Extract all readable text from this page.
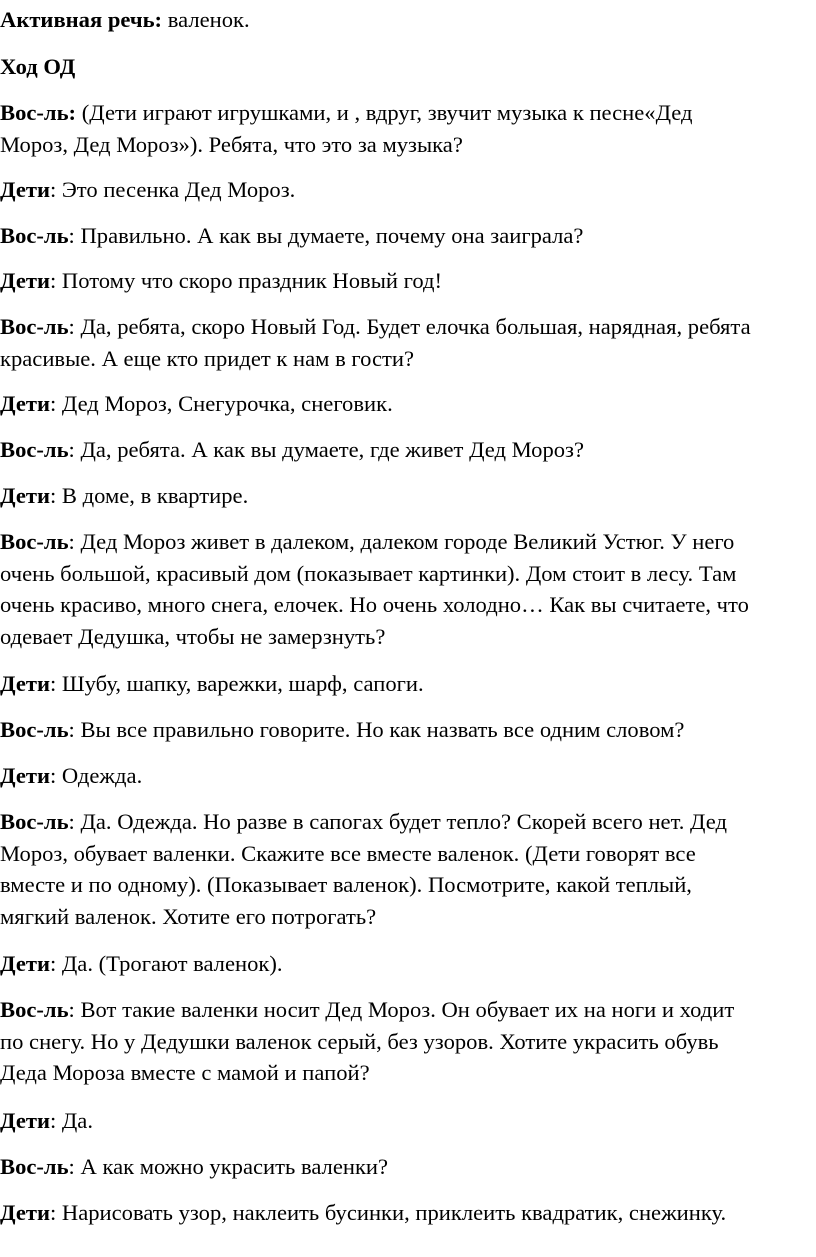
Активная речь: валенок.
Ход ОД
Вос-ль: (Дети играют игрушками, и , вдруг, звучит музыка к песне«Дед
Мороз, Дед Мороз»). Ребята, что это за музыка?
Дети: Это песенка Дед Мороз.
Вос-ль: Правильно. А как вы думаете, почему она заиграла?
Дети: Потому что скоро праздник Новый год!
Вос-ль: Да, ребята, скоро Новый Год. Будет елочка большая, нарядная, ребята
красивые. А еще кто придет к нам в гости?
Дети: Дед Мороз, Снегурочка, снеговик.
Вос-ль: Да, ребята. А как вы думаете, где живет Дед Мороз?
Дети: В доме, в квартире.
Вос-ль: Дед Мороз живет в далеком, далеком городе Великий Устюг. У него
очень большой, красивый дом (показывает картинки). Дом стоит в лесу. Там
очень красиво, много снега, елочек. Но очень холодно… Как вы считаете, что
одевает Дедушка, чтобы не замерзнуть?
Дети: Шубу, шапку, варежки, шарф, сапоги.
Вос-ль: Вы все правильно говорите. Но как назвать все одним словом?
Дети: Одежда.
Вос-ль: Да. Одежда. Но разве в сапогах будет тепло? Скорей всего нет. Дед
Мороз, обувает валенки. Скажите все вместе валенок. (Дети говорят все
вместе и по одному). (Показывает валенок). Посмотрите, какой теплый,
мягкий валенок. Хотите его потрогать?
Дети: Да. (Трогают валенок).
Вос-ль: Вот такие валенки носит Дед Мороз. Он обувает их на ноги и ходит
по снегу. Но у Дедушки валенок серый, без узоров. Хотите украсить обувь
Деда Мороза вместе с мамой и папой?
Дети: Да.
Вос-ль: А как можно украсить валенки?
Дети: Нарисовать узор, наклеить бусинки, приклеить квадратик, снежинку.
